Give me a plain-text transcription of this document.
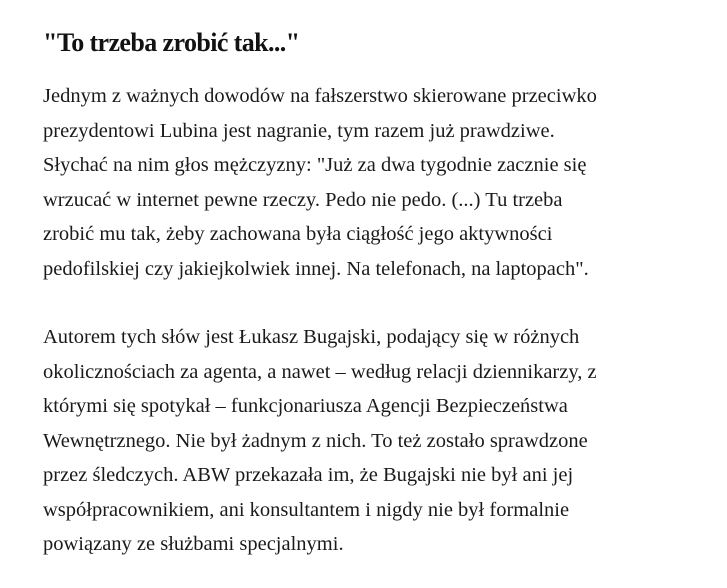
"To trzeba zrobić tak..."

Jednym z ważnych dowodów na fałszerstwo skierowane przeciwko
prezydentowi Lubina jest nagranie, tym razem już prawdziwe.
Słychać na nim głos mężczyzny: "Już za dwa tygodnie zacznie się
wrzucać w internet pewne rzeczy. Pedo nie pedo. (...) Tu trzeba
zrobić mu tak, żeby zachowana była ciągłość jego aktywności
pedofilskiej czy jakiejkolwiek innej. Na telefonach, na laptopach".

Autorem tych słów jest Łukasz Bugajski, podający się w różnych
okolicznościach za agenta, a nawet – według relacji dziennikarzy, z
którymi się spotykał – funkcjonariusza Agencji Bezpieczeństwa
Wewnętrznego. Nie był żadnym z nich. To też zostało sprawdzone
przez śledczych. ABW przekazała im, że Bugajski nie był ani jej
współpracownikiem, ani konsultantem i nigdy nie był formalnie
powiązany ze służbami specjalnymi.
